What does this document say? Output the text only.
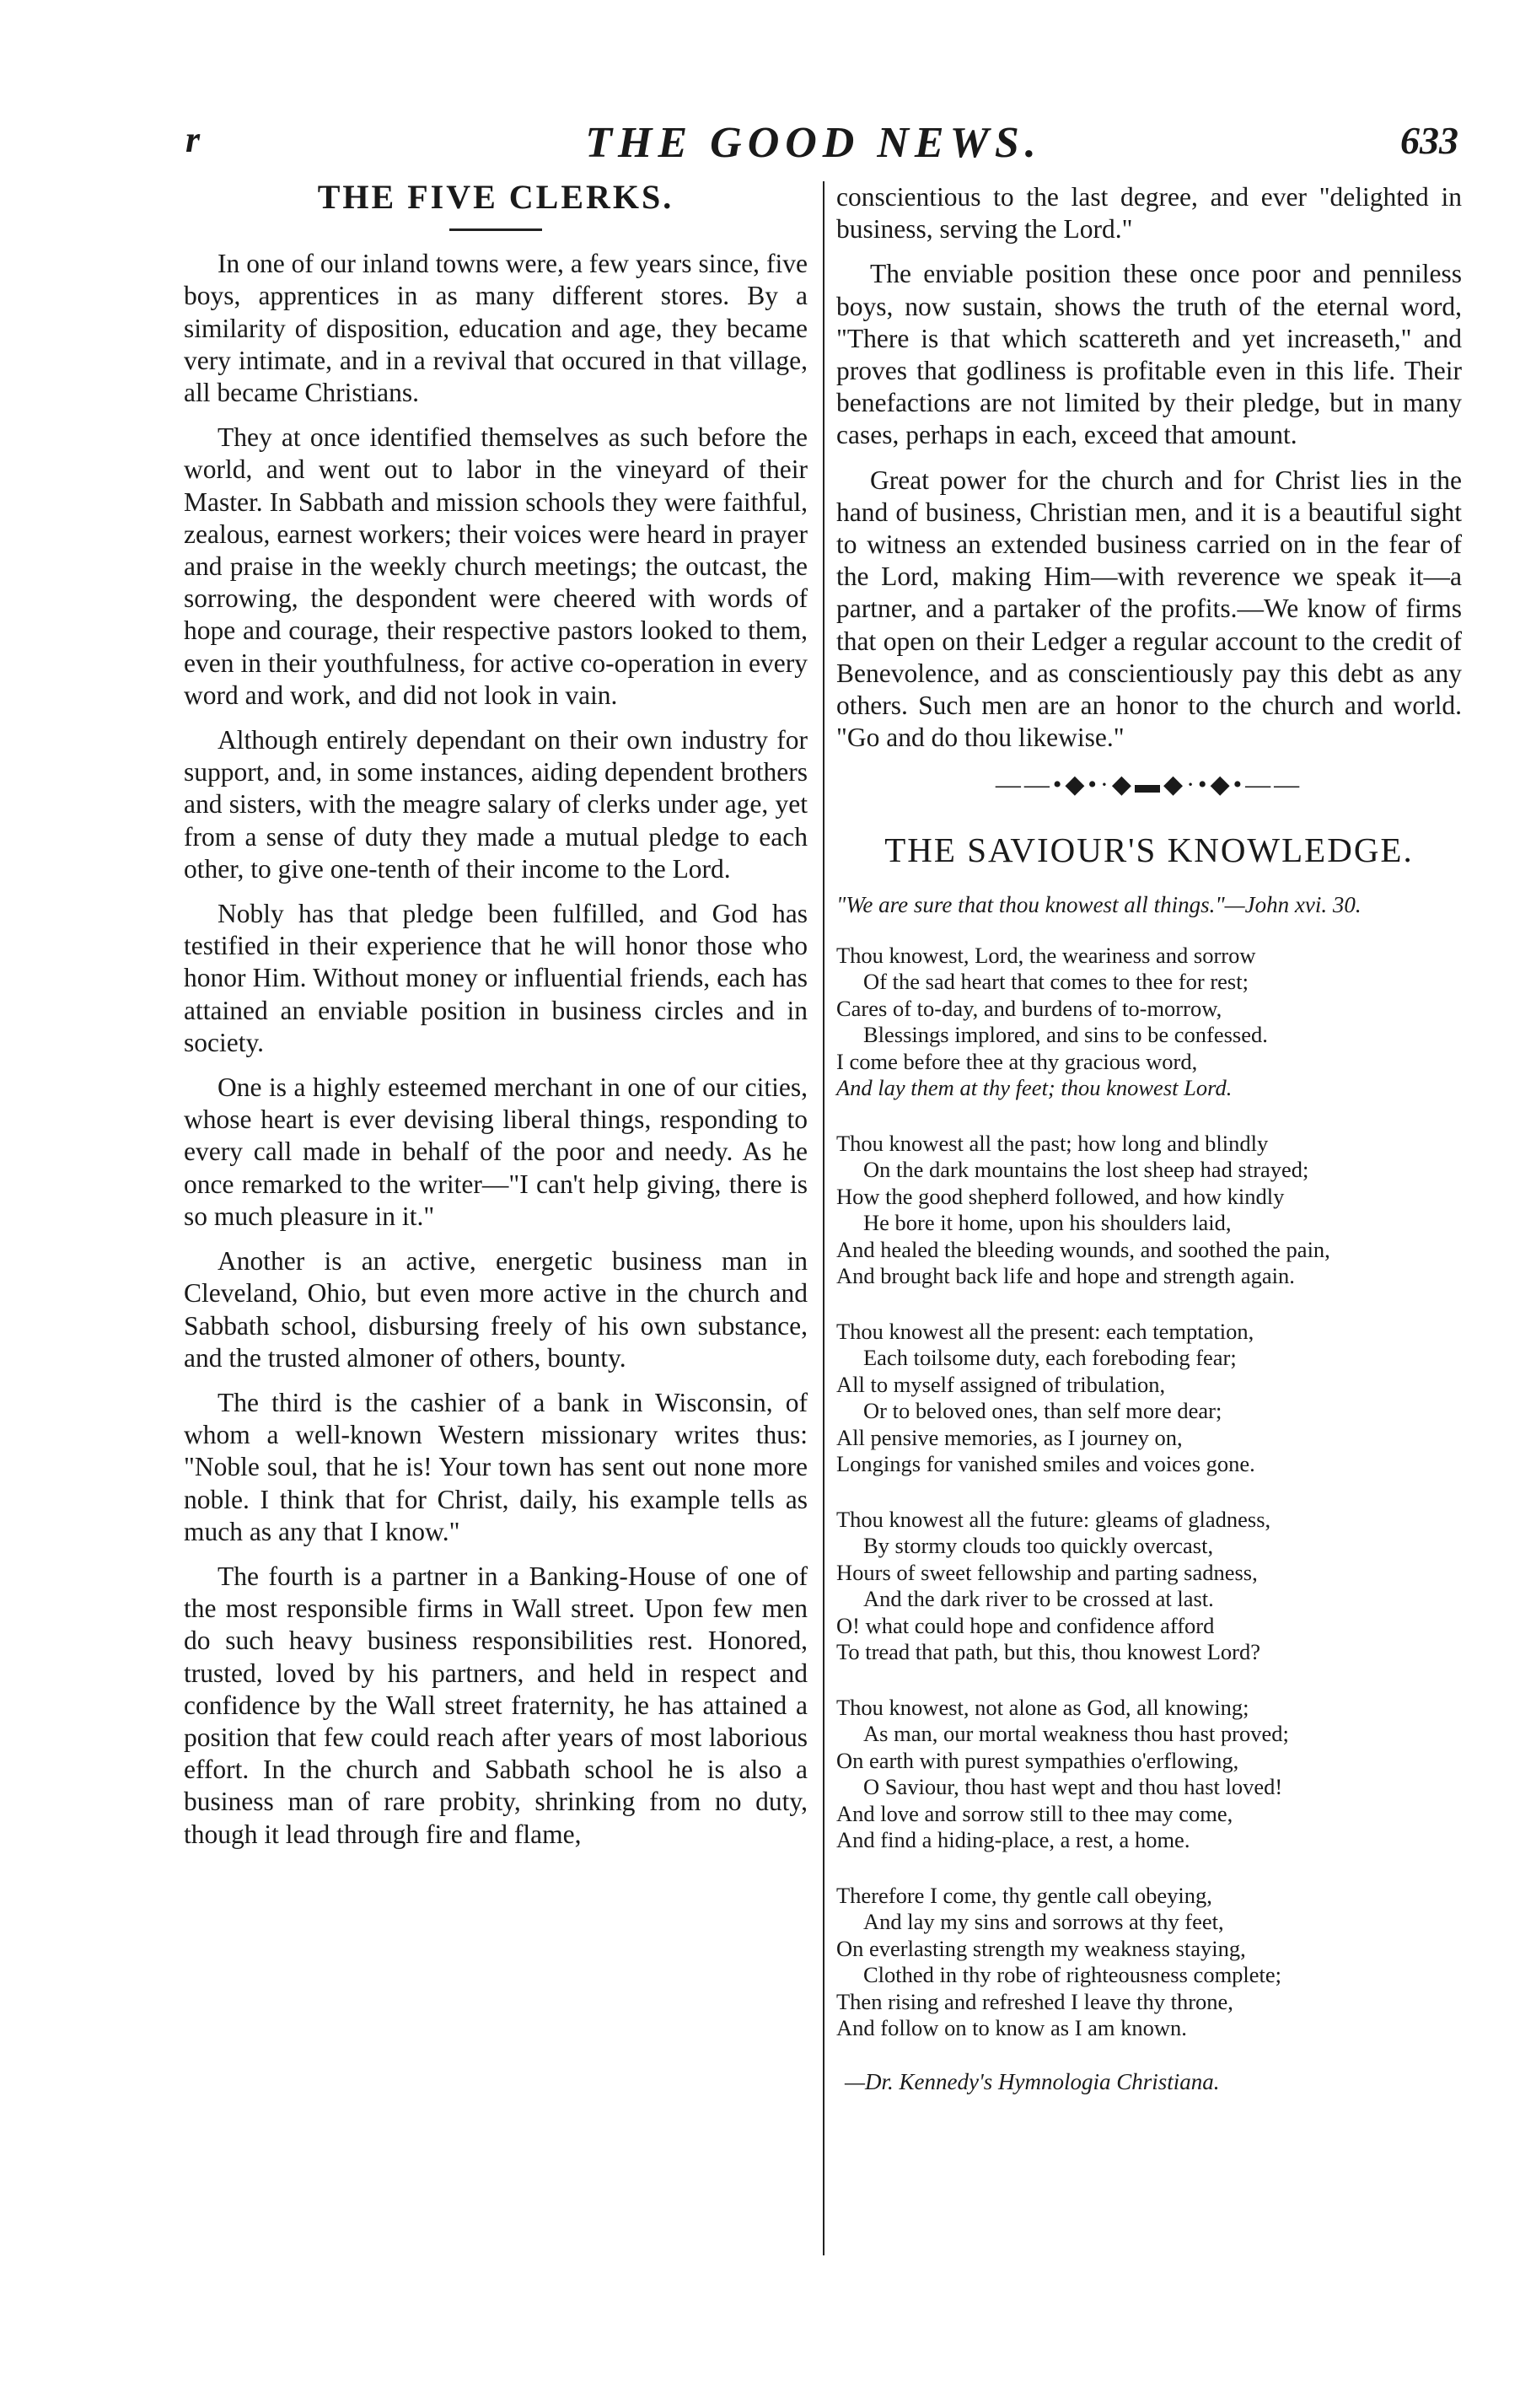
r	THE GOOD NEWS.	633
THE FIVE CLERKS.

In one of our inland towns were, a few years since, five boys, apprentices in as many different stores. By a similarity of disposition, education and age, they became very intimate, and in a revival that occured in that village, all became Christians.

They at once identified themselves as such before the world, and went out to labor in the vineyard of their Master. In Sabbath and mission schools they were faithful, zealous, earnest workers; their voices were heard in prayer and praise in the weekly church meetings; the outcast, the sorrowing, the despondent were cheered with words of hope and courage, their respective pastors looked to them, even in their youthfulness, for active co-operation in every word and work, and did not look in vain.

Although entirely dependant on their own industry for support, and, in some instances, aiding dependent brothers and sisters, with the meagre salary of clerks under age, yet from a sense of duty they made a mutual pledge to each other, to give one-tenth of their income to the Lord.

Nobly has that pledge been fulfilled, and God has testified in their experience that he will honor those who honor Him. Without money or influential friends, each has attained an enviable position in business circles and in society.

One is a highly esteemed merchant in one of our cities, whose heart is ever devising liberal things, responding to every call made in behalf of the poor and needy. As he once remarked to the writer—"I can't help giving, there is so much pleasure in it."

Another is an active, energetic business man in Cleveland, Ohio, but even more active in the church and Sabbath school, disbursing freely of his own substance, and the trusted almoner of others, bounty.

The third is the cashier of a bank in Wisconsin, of whom a well-known Western missionary writes thus: "Noble soul, that he is! Your town has sent out none more noble. I think that for Christ, daily, his example tells as much as any that I know."

The fourth is a partner in a Banking-House of one of the most responsible firms in Wall street. Upon few men do such heavy business responsibilities rest. Honored, trusted, loved by his partners, and held in respect and confidence by the Wall street fraternity, he has attained a position that few could reach after years of most laborious effort. In the church and Sabbath school he is also a business man of rare probity, shrinking from no duty, though it lead through fire and flame,

conscientious to the last degree, and ever "delighted in business, serving the Lord."

The enviable position these once poor and penniless boys, now sustain, shows the truth of the eternal word, "There is that which scattereth and yet increaseth," and proves that godliness is profitable even in this life. Their benefactions are not limited by their pledge, but in many cases, perhaps in each, exceed that amount.

Great power for the church and for Christ lies in the hand of business, Christian men, and it is a beautiful sight to witness an extended business carried on in the fear of the Lord, making Him—with reverence we speak it—a partner, and a partaker of the profits.—We know of firms that open on their Ledger a regular account to the credit of Benevolence, and as conscientiously pay this debt as any others. Such men are an honor to the church and world. "Go and do thou likewise."

——•◆•·◆▬◆·•◆•——
THE SAVIOUR'S KNOWLEDGE.
"We are sure that thou knowest all things."—John xvi. 30.
Thou knowest, Lord, the weariness and sorrow
Of the sad heart that comes to thee for rest;
Cares of to-day, and burdens of to-morrow,
Blessings implored, and sins to be confessed.
I come before thee at thy gracious word,
And lay them at thy feet; thou knowest Lord.
Thou knowest all the past; how long and blindly
On the dark mountains the lost sheep had strayed;
How the good shepherd followed, and how kindly
He bore it home, upon his shoulders laid,
And healed the bleeding wounds, and soothed the pain,
And brought back life and hope and strength again.
Thou knowest all the present: each temptation,
Each toilsome duty, each foreboding fear;
All to myself assigned of tribulation,
Or to beloved ones, than self more dear;
All pensive memories, as I journey on,
Longings for vanished smiles and voices gone.
Thou knowest all the future: gleams of gladness,
By stormy clouds too quickly overcast,
Hours of sweet fellowship and parting sadness,
And the dark river to be crossed at last.
O! what could hope and confidence afford
To tread that path, but this, thou knowest Lord?
Thou knowest, not alone as God, all knowing;
As man, our mortal weakness thou hast proved;
On earth with purest sympathies o'erflowing,
O Saviour, thou hast wept and thou hast loved!
And love and sorrow still to thee may come,
And find a hiding-place, a rest, a home.
Therefore I come, thy gentle call obeying,
And lay my sins and sorrows at thy feet,
On everlasting strength my weakness staying,
Clothed in thy robe of righteousness complete;
Then rising and refreshed I leave thy throne,
And follow on to know as I am known.
—Dr. Kennedy's Hymnologia Christiana.
